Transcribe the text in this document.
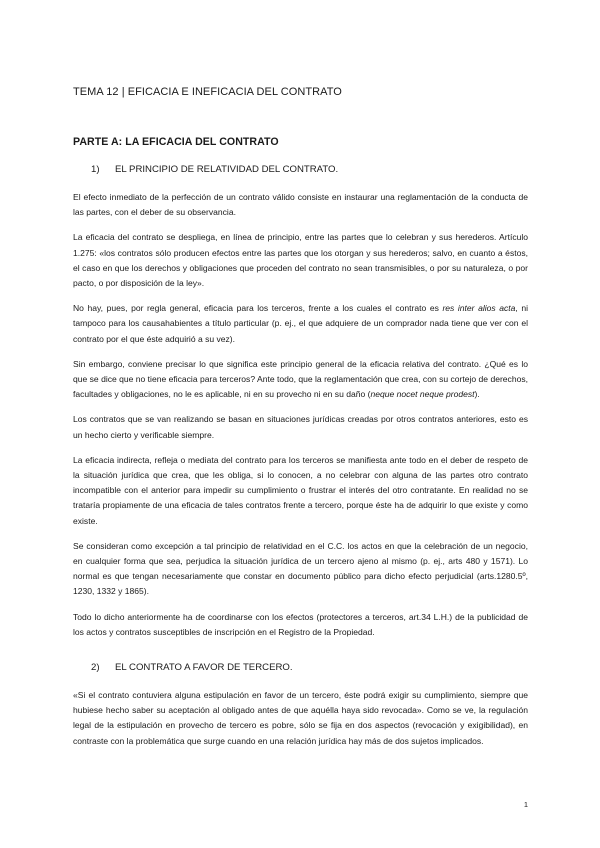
TEMA 12 | EFICACIA E INEFICACIA DEL CONTRATO
PARTE A: LA EFICACIA DEL CONTRATO
1)	EL PRINCIPIO DE RELATIVIDAD DEL CONTRATO.

El efecto inmediato de la perfección de un contrato válido consiste en instaurar una reglamentación de la conducta de las partes, con el deber de su observancia.

La eficacia del contrato se despliega, en línea de principio, entre las partes que lo celebran y sus herederos. Artículo 1.275: «los contratos sólo producen efectos entre las partes que los otorgan y sus herederos; salvo, en cuanto a éstos, el caso en que los derechos y obligaciones que proceden del contrato no sean transmisibles, o por su naturaleza, o por pacto, o por disposición de la ley».

No hay, pues, por regla general, eficacia para los terceros, frente a los cuales el contrato es res inter alios acta, ni tampoco para los causahabientes a título particular (p. ej., el que adquiere de un comprador nada tiene que ver con el contrato por el que éste adquirió a su vez).

Sin embargo, conviene precisar lo que significa este principio general de la eficacia relativa del contrato. ¿Qué es lo que se dice que no tiene eficacia para terceros? Ante todo, que la reglamentación que crea, con su cortejo de derechos, facultades y obligaciones, no le es aplicable, ni en su provecho ni en su daño (neque nocet neque prodest).

Los contratos que se van realizando se basan en situaciones jurídicas creadas por otros contratos anteriores, esto es un hecho cierto y verificable siempre.

La eficacia indirecta, refleja o mediata del contrato para los terceros se manifiesta ante todo en el deber de respeto de la situación jurídica que crea, que les obliga, si lo conocen, a no celebrar con alguna de las partes otro contrato incompatible con el anterior para impedir su cumplimiento o frustrar el interés del otro contratante. En realidad no se trataría propiamente de una eficacia de tales contratos frente a tercero, porque éste ha de adquirir lo que existe y como existe.

Se consideran como excepción a tal principio de relatividad en el C.C. los actos en que la celebración de un negocio, en cualquier forma que sea, perjudica la situación jurídica de un tercero ajeno al mismo (p. ej., arts 480 y 1571). Lo normal es que tengan necesariamente que constar en documento público para dicho efecto perjudicial (arts.1280.5º, 1230, 1332 y 1865).

Todo lo dicho anteriormente ha de coordinarse con los efectos (protectores a terceros, art.34 L.H.) de la publicidad de los actos y contratos susceptibles de inscripción en el Registro de la Propiedad.

2)	EL CONTRATO A FAVOR DE TERCERO.

«Si el contrato contuviera alguna estipulación en favor de un tercero, éste podrá exigir su cumplimiento, siempre que hubiese hecho saber su aceptación al obligado antes de que aquélla haya sido revocada». Como se ve, la regulación legal de la estipulación en provecho de tercero es pobre, sólo se fija en dos aspectos (revocación y exigibilidad), en contraste con la problemática que surge cuando en una relación jurídica hay más de dos sujetos implicados.

1
